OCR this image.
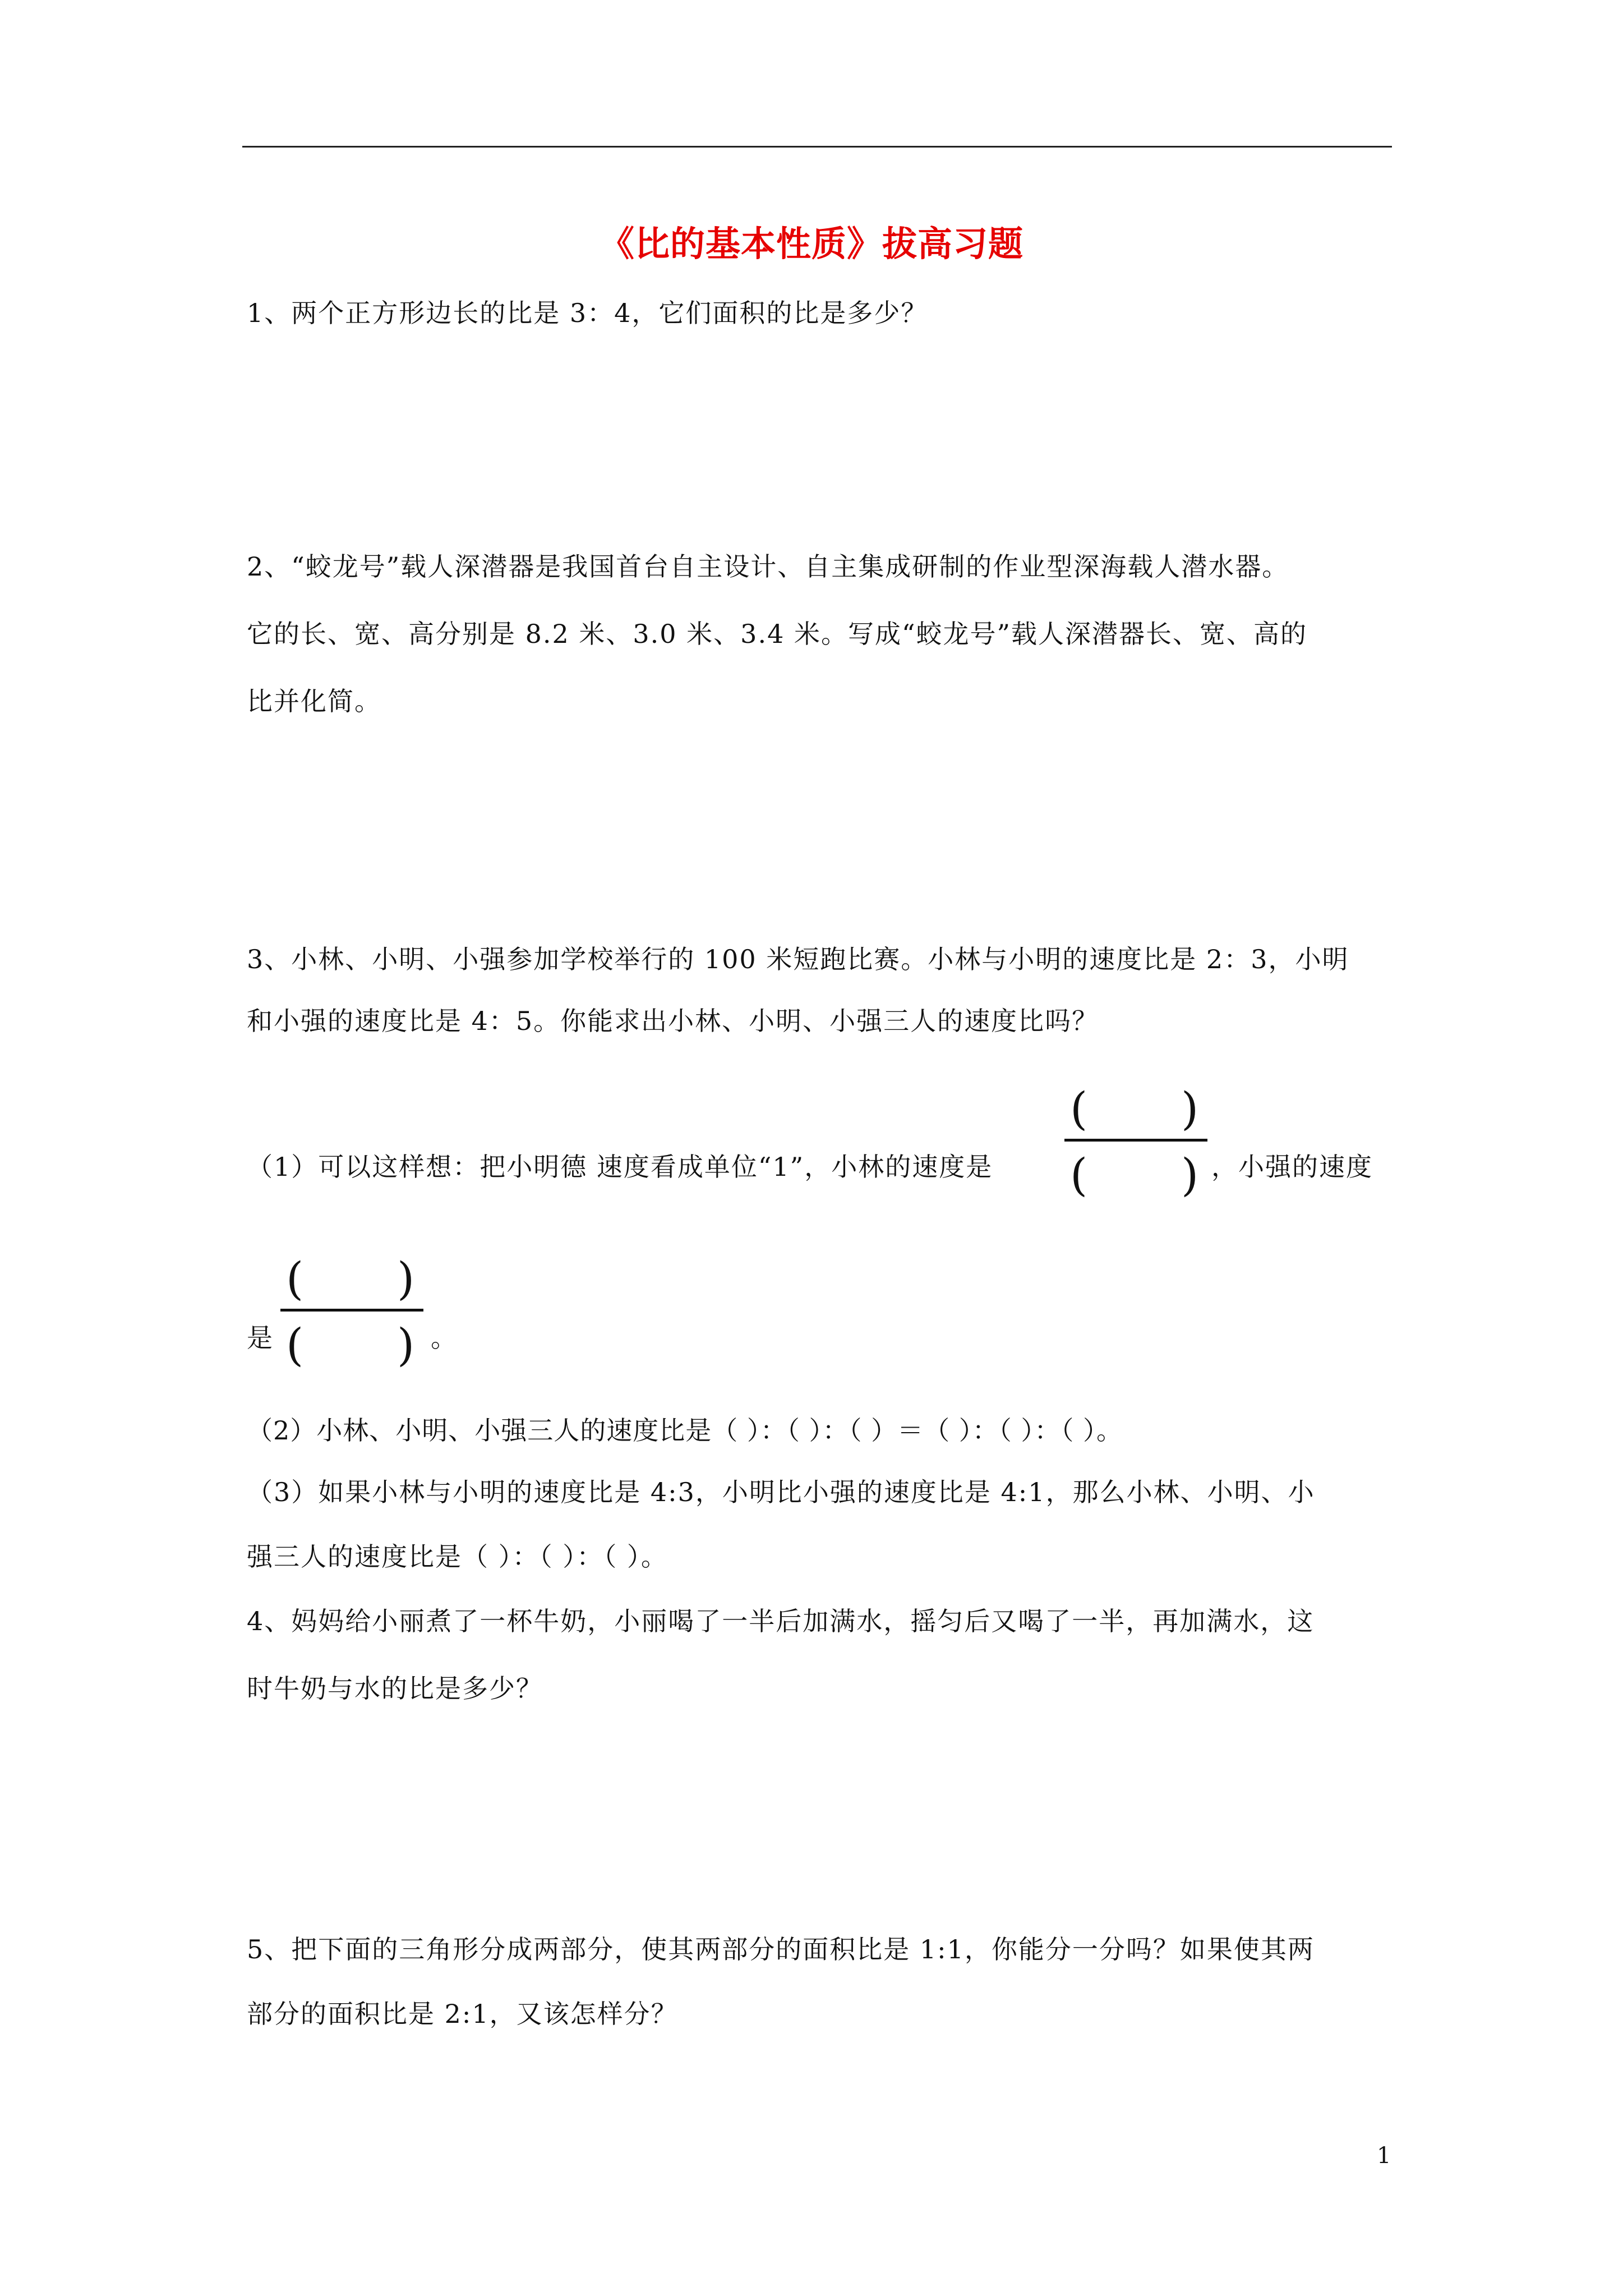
《比的基本性质》拔高习题
1、两个正方形边长的比是 3：4，它们面积的比是多少？
2、“蛟龙号”载人深潜器是我国首台自主设计、自主集成研制的作业型深海载人潜水器。
它的长、宽、高分别是 8.2 米、3.0 米、3.4 米。写成“蛟龙号”载人深潜器长、宽、高的
比并化简。
3、小林、小明、小强参加学校举行的 100 米短跑比赛。小林与小明的速度比是 2：3，小明
和小强的速度比是 4：5。你能求出小林、小明、小强三人的速度比吗？
（1）可以这样想：把小明德 速度看成单位“1”，小林的速度是
( )
( ) ，小强的速度
是
( )
( ) 。
（2）小林、小明、小强三人的速度比是（ ）：（ ）：（ ）＝（ ）：（ ）：（ ）。
（3）如果小林与小明的速度比是 4:3，小明比小强的速度比是 4:1，那么小林、小明、小
强三人的速度比是（ ）：（ ）：（ ）。
4、妈妈给小丽煮了一杯牛奶，小丽喝了一半后加满水，摇匀后又喝了一半，再加满水，这
时牛奶与水的比是多少？
5、把下面的三角形分成两部分，使其两部分的面积比是 1:1，你能分一分吗？如果使其两
部分的面积比是 2:1，又该怎样分？
1
